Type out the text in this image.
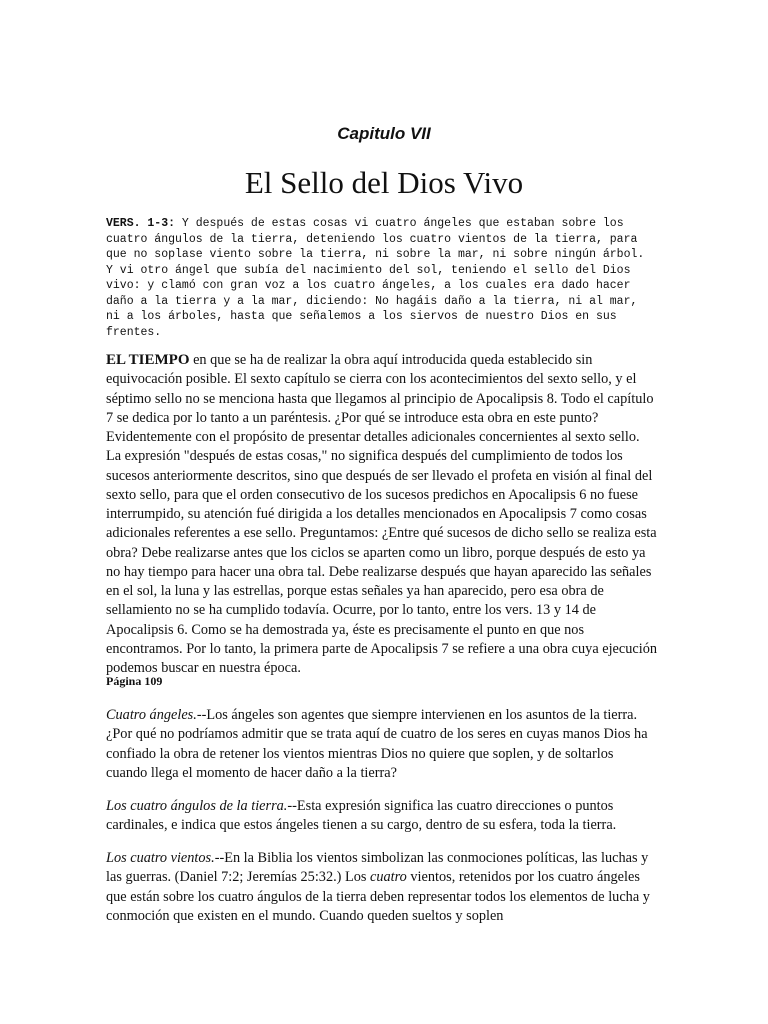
Capitulo VII

El Sello del Dios Vivo

VERS. 1-3: Y después de estas cosas vi cuatro ángeles que estaban sobre los cuatro ángulos de la tierra, deteniendo los cuatro vientos de la tierra, para que no soplase viento sobre la tierra, ni sobre la mar, ni sobre ningún árbol. Y vi otro ángel que subía del nacimiento del sol, teniendo el sello del Dios vivo: y clamó con gran voz a los cuatro ángeles, a los cuales era dado hacer daño a la tierra y a la mar, diciendo: No hagáis daño a la tierra, ni al mar, ni a los árboles, hasta que señalemos a los siervos de nuestro Dios en sus frentes.

EL TIEMPO en que se ha de realizar la obra aquí introducida queda establecido sin equivocación posible. El sexto capítulo se cierra con los acontecimientos del sexto sello, y el séptimo sello no se menciona hasta que llegamos al principio de Apocalipsis 8. Todo el capítulo 7 se dedica por lo tanto a un paréntesis. ¿Por qué se introduce esta obra en este punto? Evidentemente con el propósito de presentar detalles adicionales concernientes al sexto sello. La expresión "después de estas cosas," no significa después del cumplimiento de todos los sucesos anteriormente descritos, sino que después de ser llevado el profeta en visión al final del sexto sello, para que el orden consecutivo de los sucesos predichos en Apocalipsis 6 no fuese interrumpido, su atención fué dirigida a los detalles mencionados en Apocalipsis 7 como cosas adicionales referentes a ese sello. Preguntamos: ¿Entre qué sucesos de dicho sello se realiza esta obra? Debe realizarse antes que los ciclos se aparten como un libro, porque después de esto ya no hay tiempo para hacer una obra tal. Debe realizarse después que hayan aparecido las señales en el sol, la luna y las estrellas, porque estas señales ya han aparecido, pero esa obra de sellamiento no se ha cumplido todavía. Ocurre, por lo tanto, entre los vers. 13 y 14 de Apocalipsis 6. Como se ha demostrada ya, éste es precisamente el punto en que nos encontramos. Por lo tanto, la primera parte de Apocalipsis 7 se refiere a una obra cuya ejecución podemos buscar en nuestra época.

Página 109

Cuatro ángeles.--Los ángeles son agentes que siempre intervienen en los asuntos de la tierra. ¿Por qué no podríamos admitir que se trata aquí de cuatro de los seres en cuyas manos Dios ha confiado la obra de retener los vientos mientras Dios no quiere que soplen, y de soltarlos cuando llega el momento de hacer daño a la tierra?

Los cuatro ángulos de la tierra.--Esta expresión significa las cuatro direcciones o puntos cardinales, e indica que estos ángeles tienen a su cargo, dentro de su esfera, toda la tierra.

Los cuatro vientos.--En la Biblia los vientos simbolizan las conmociones políticas, las luchas y las guerras. (Daniel 7:2; Jeremías 25:32.) Los cuatro vientos, retenidos por los cuatro ángeles que están sobre los cuatro ángulos de la tierra deben representar todos los elementos de lucha y conmoción que existen en el mundo. Cuando queden sueltos y soplen
